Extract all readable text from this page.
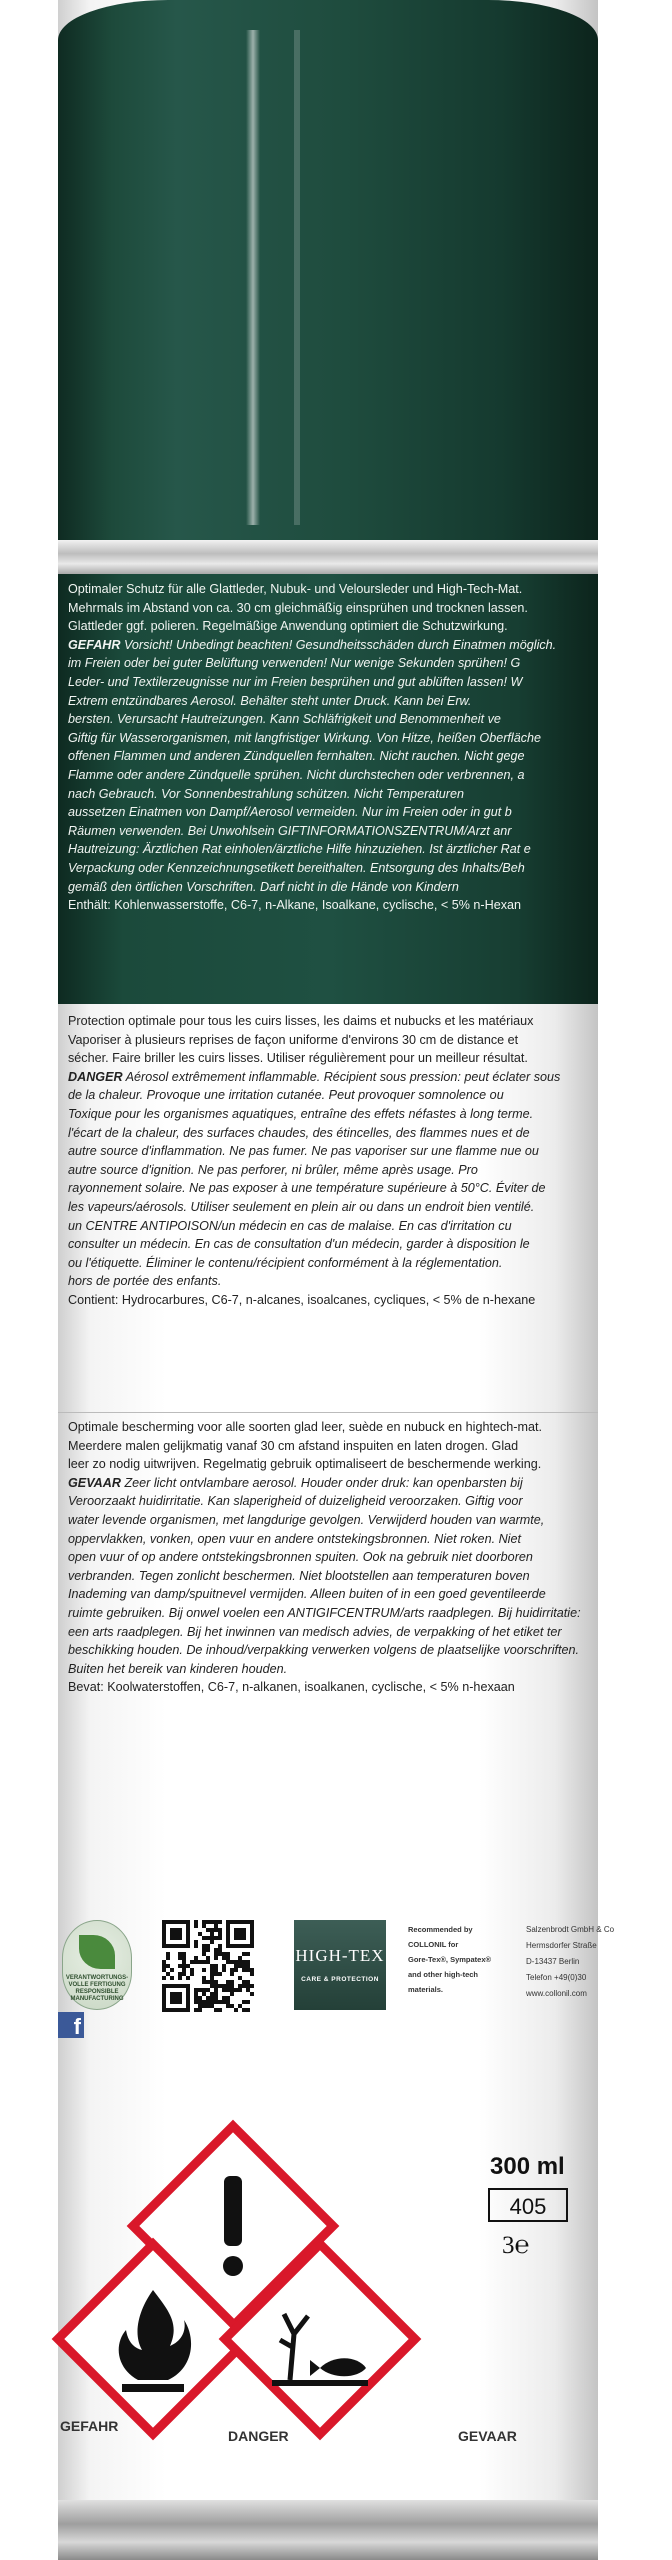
Optimaler Schutz für alle Glattleder, Nubuk- und Veloursleder und High-Tech-Mat.
Mehrmals im Abstand von ca. 30 cm gleichmäßig einsprühen und trocknen lassen.
Glattleder ggf. polieren. Regelmäßige Anwendung optimiert die Schutzwirkung.
GEFAHR Vorsicht! Unbedingt beachten! Gesundheitsschäden durch Einatmen möglich.
im Freien oder bei guter Belüftung verwenden! Nur wenige Sekunden sprühen! G
Leder- und Textilerzeugnisse nur im Freien besprühen und gut ablüften lassen! W
Extrem entzündbares Aerosol. Behälter steht unter Druck. Kann bei Erw.
bersten. Verursacht Hautreizungen. Kann Schläfrigkeit und Benommenheit ve
Giftig für Wasserorganismen, mit langfristiger Wirkung. Von Hitze, heißen Oberfläche
offenen Flammen und anderen Zündquellen fernhalten. Nicht rauchen. Nicht gege
Flamme oder andere Zündquelle sprühen. Nicht durchstechen oder verbrennen, a
nach Gebrauch. Vor Sonnenbestrahlung schützen. Nicht Temperaturen
aussetzen Einatmen von Dampf/Aerosol vermeiden. Nur im Freien oder in gut b
Räumen verwenden. Bei Unwohlsein GIFTINFORMATIONSZENTRUM/Arzt anr
Hautreizung: Ärztlichen Rat einholen/ärztliche Hilfe hinzuziehen. Ist ärztlicher Rat e
Verpackung oder Kennzeichnungsetikett bereithalten. Entsorgung des Inhalts/Beh
gemäß den örtlichen Vorschriften. Darf nicht in die Hände von Kindern
Enthält: Kohlenwasserstoffe, C6-7, n-Alkane, Isoalkane, cyclische, < 5% n-Hexan
Protection optimale pour tous les cuirs lisses, les daims et nubucks et les matériaux
Vaporiser à plusieurs reprises de façon uniforme d'environs 30 cm de distance et
sécher. Faire briller les cuirs lisses. Utiliser régulièrement pour un meilleur résultat.
DANGER Aérosol extrêmement inflammable. Récipient sous pression: peut éclater sous
de la chaleur. Provoque une irritation cutanée. Peut provoquer somnolence ou
Toxique pour les organismes aquatiques, entraîne des effets néfastes à long terme.
l'écart de la chaleur, des surfaces chaudes, des étincelles, des flammes nues et de
autre source d'inflammation. Ne pas fumer. Ne pas vaporiser sur une flamme nue ou
autre source d'ignition. Ne pas perforer, ni brûler, même après usage. Pro
rayonnement solaire. Ne pas exposer à une température supérieure à 50°C. Éviter de
les vapeurs/aérosols. Utiliser seulement en plein air ou dans un endroit bien ventilé.
un CENTRE ANTIPOISON/un médecin en cas de malaise. En cas d'irritation cu
consulter un médecin. En cas de consultation d'un médecin, garder à disposition le
ou l'étiquette. Éliminer le contenu/récipient conformément à la réglementation.
hors de portée des enfants.
Contient: Hydrocarbures, C6-7, n-alcanes, isoalcanes, cycliques, < 5% de n-hexane
Optimale bescherming voor alle soorten glad leer, suède en nubuck en hightech-mat.
Meerdere malen gelijkmatig vanaf 30 cm afstand inspuiten en laten drogen. Glad
leer zo nodig uitwrijven. Regelmatig gebruik optimaliseert de beschermende werking.
GEVAAR Zeer licht ontvlambare aerosol. Houder onder druk: kan openbarsten bij
Veroorzaakt huidirritatie. Kan slaperigheid of duizeligheid veroorzaken. Giftig voor
water levende organismen, met langdurige gevolgen. Verwijderd houden van warmte,
oppervlakken, vonken, open vuur en andere ontstekingsbronnen. Niet roken. Niet
open vuur of op andere ontstekingsbronnen spuiten. Ook na gebruik niet doorboren
verbranden. Tegen zonlicht beschermen. Niet blootstellen aan temperaturen boven
Inademing van damp/spuitnevel vermijden. Alleen buiten of in een goed geventileerde
ruimte gebruiken. Bij onwel voelen een ANTIGIFCENTRUM/arts raadplegen. Bij huidirritatie:
een arts raadplegen. Bij het inwinnen van medisch advies, de verpakking of het etiket ter
beschikking houden. De inhoud/verpakking verwerken volgens de plaatselijke voorschriften.
Buiten het bereik van kinderen houden.
Bevat: Koolwaterstoffen, C6-7, n-alkanen, isoalkanen, cyclische, < 5% n-hexaan
VERANTWORTUNGS-VOLLE FERTIGUNG
RESPONSIBLE MANUFACTURING
HIGH-TEX
CARE & PROTECTION
Recommended by
COLLONIL for
Gore-Tex®, Sympatex®
and other high-tech
materials.
Salzenbrodt GmbH & Co
Hermsdorfer Straße
D-13437 Berlin
Telefon +49(0)30
www.collonil.com
f
300 ml
405
3℮
GEFAHR
DANGER	GEVAAR
